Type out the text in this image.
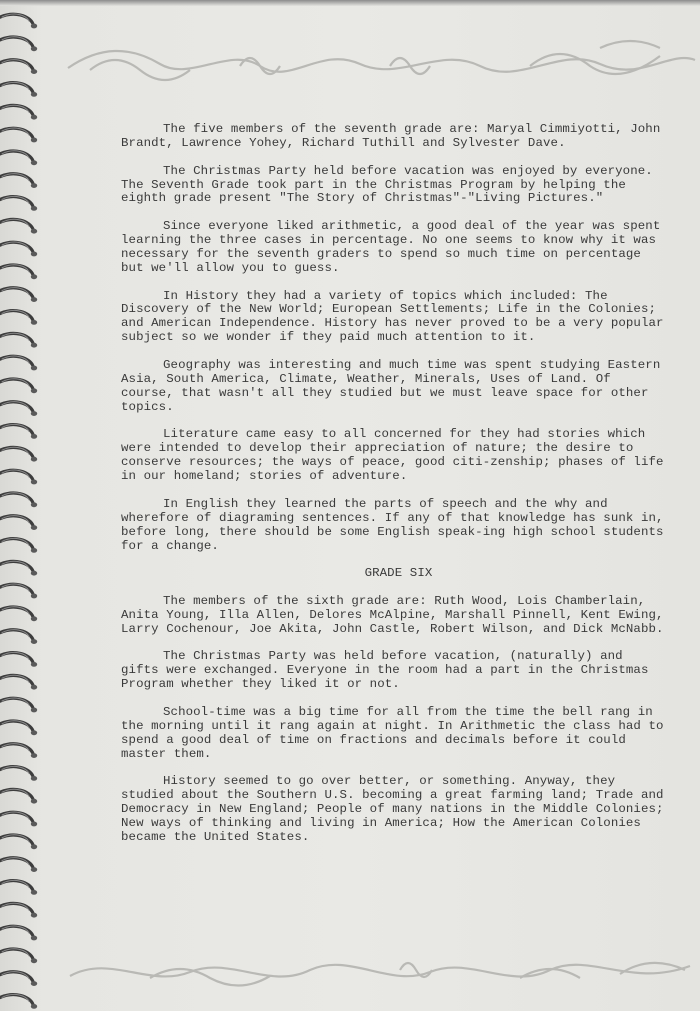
The five members of the seventh grade are: Maryal Cimmiyotti, John Brandt, Lawrence Yohey, Richard Tuthill and Sylvester Dave.

The Christmas Party held before vacation was enjoyed by everyone. The Seventh Grade took part in the Christmas Program by helping the eighth grade present "The Story of Christmas"-"Living Pictures."

Since everyone liked arithmetic, a good deal of the year was spent learning the three cases in percentage. No one seems to know why it was necessary for the seventh graders to spend so much time on percentage but we'll allow you to guess.

In History they had a variety of topics which included: The Discovery of the New World; European Settlements; Life in the Colonies; and American Independence. History has never proved to be a very popular subject so we wonder if they paid much attention to it.

Geography was interesting and much time was spent studying Eastern Asia, South America, Climate, Weather, Minerals, Uses of Land. Of course, that wasn't all they studied but we must leave space for other topics.

Literature came easy to all concerned for they had stories which were intended to develop their appreciation of nature; the desire to conserve resources; the ways of peace, good citi-zenship; phases of life in our homeland; stories of adventure.

In English they learned the parts of speech and the why and wherefore of diagraming sentences. If any of that knowledge has sunk in, before long, there should be some English speak-ing high school students for a change.

GRADE SIX

The members of the sixth grade are: Ruth Wood, Lois Chamberlain, Anita Young, Illa Allen, Delores McAlpine, Marshall Pinnell, Kent Ewing, Larry Cochenour, Joe Akita, John Castle, Robert Wilson, and Dick McNabb.

The Christmas Party was held before vacation, (naturally) and gifts were exchanged. Everyone in the room had a part in the Christmas Program whether they liked it or not.

School-time was a big time for all from the time the bell rang in the morning until it rang again at night. In Arithmetic the class had to spend a good deal of time on fractions and decimals before it could master them.

History seemed to go over better, or something. Anyway, they studied about the Southern U.S. becoming a great farming land; Trade and Democracy in New England; People of many nations in the Middle Colonies; New ways of thinking and living in America; How the American Colonies became the United States.
